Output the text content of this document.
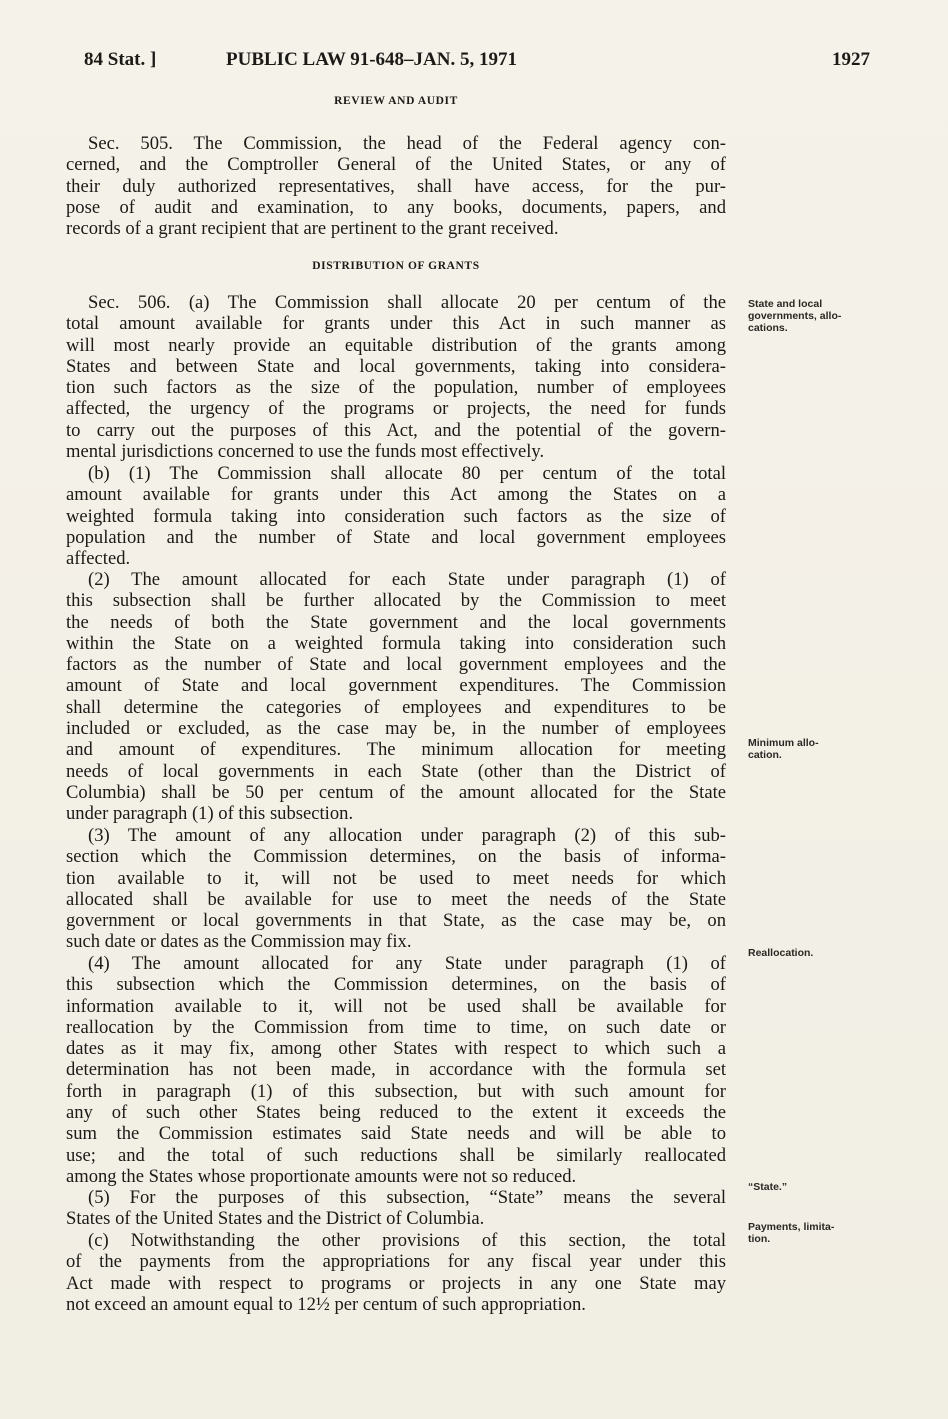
84 Stat. ]	PUBLIC LAW 91-648–JAN. 5, 1971	1927
REVIEW AND AUDIT
Sec. 505. The Commission, the head of the Federal agency con-
cerned, and the Comptroller General of the United States, or any of
their duly authorized representatives, shall have access, for the pur-
pose of audit and examination, to any books, documents, papers, and
records of a grant recipient that are pertinent to the grant received.
DISTRIBUTION OF GRANTS
Sec. 506. (a) The Commission shall allocate 20 per centum of the
total amount available for grants under this Act in such manner as
will most nearly provide an equitable distribution of the grants among
States and between State and local governments, taking into considera-
tion such factors as the size of the population, number of employees
affected, the urgency of the programs or projects, the need for funds
to carry out the purposes of this Act, and the potential of the govern-
mental jurisdictions concerned to use the funds most effectively.
(b) (1) The Commission shall allocate 80 per centum of the total
amount available for grants under this Act among the States on a
weighted formula taking into consideration such factors as the size of
population and the number of State and local government employees
affected.
(2) The amount allocated for each State under paragraph (1) of
this subsection shall be further allocated by the Commission to meet
the needs of both the State government and the local governments
within the State on a weighted formula taking into consideration such
factors as the number of State and local government employees and the
amount of State and local government expenditures. The Commission
shall determine the categories of employees and expenditures to be
included or excluded, as the case may be, in the number of employees
and amount of expenditures. The minimum allocation for meeting
needs of local governments in each State (other than the District of
Columbia) shall be 50 per centum of the amount allocated for the State
under paragraph (1) of this subsection.
(3) The amount of any allocation under paragraph (2) of this sub-
section which the Commission determines, on the basis of informa-
tion available to it, will not be used to meet needs for which
allocated shall be available for use to meet the needs of the State
government or local governments in that State, as the case may be, on
such date or dates as the Commission may fix.
(4) The amount allocated for any State under paragraph (1) of
this subsection which the Commission determines, on the basis of
information available to it, will not be used shall be available for
reallocation by the Commission from time to time, on such date or
dates as it may fix, among other States with respect to which such a
determination has not been made, in accordance with the formula set
forth in paragraph (1) of this subsection, but with such amount for
any of such other States being reduced to the extent it exceeds the
sum the Commission estimates said State needs and will be able to
use; and the total of such reductions shall be similarly reallocated
among the States whose proportionate amounts were not so reduced.
(5) For the purposes of this subsection, “State” means the several
States of the United States and the District of Columbia.
(c) Notwithstanding the other provisions of this section, the total
of the payments from the appropriations for any fiscal year under this
Act made with respect to programs or projects in any one State may
not exceed an amount equal to 12½ per centum of such appropriation.
State and local
governments, allo-
cations.
Minimum allo-
cation.
Reallocation.
“State.”
Payments, limita-
tion.
